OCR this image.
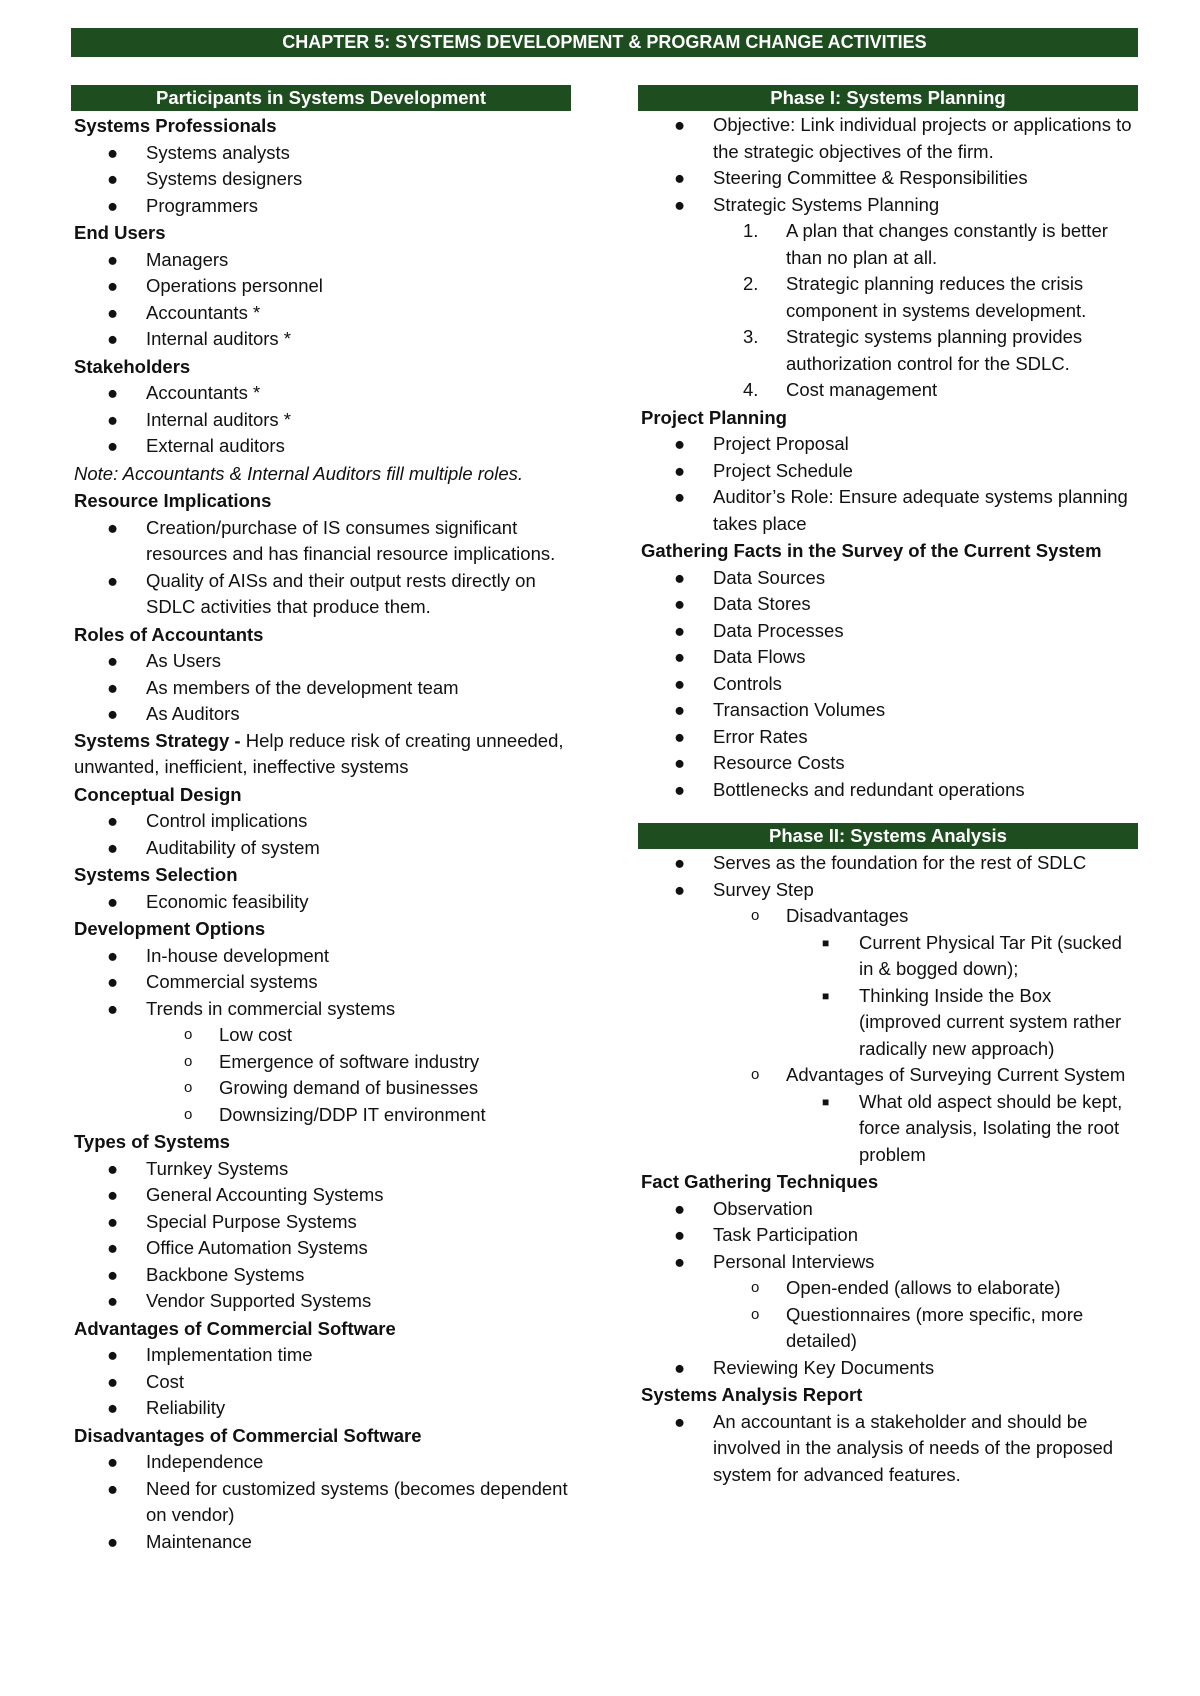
CHAPTER 5: SYSTEMS DEVELOPMENT & PROGRAM CHANGE ACTIVITIES
Participants in Systems Development
Systems Professionals
● Systems analysts
● Systems designers
● Programmers
End Users
● Managers
● Operations personnel
● Accountants *
● Internal auditors *
Stakeholders
● Accountants *
● Internal auditors *
● External auditors
Note: Accountants & Internal Auditors fill multiple roles.
Resource Implications
● Creation/purchase of IS consumes significant resources and has financial resource implications.
● Quality of AISs and their output rests directly on SDLC activities that produce them.
Roles of Accountants
● As Users
● As members of the development team
● As Auditors
Systems Strategy - Help reduce risk of creating unneeded, unwanted, inefficient, ineffective systems
Conceptual Design
● Control implications
● Auditability of system
Systems Selection
● Economic feasibility
Development Options
● In-house development
● Commercial systems
● Trends in commercial systems
o Low cost
o Emergence of software industry
o Growing demand of businesses
o Downsizing/DDP IT environment
Types of Systems
● Turnkey Systems
● General Accounting Systems
● Special Purpose Systems
● Office Automation Systems
● Backbone Systems
● Vendor Supported Systems
Advantages of Commercial Software
● Implementation time
● Cost
● Reliability
Disadvantages of Commercial Software
● Independence
● Need for customized systems (becomes dependent on vendor)
● Maintenance
Phase I: Systems Planning
● Objective: Link individual projects or applications to the strategic objectives of the firm.
● Steering Committee & Responsibilities
● Strategic Systems Planning
1. A plan that changes constantly is better than no plan at all.
2. Strategic planning reduces the crisis component in systems development.
3. Strategic systems planning provides authorization control for the SDLC.
4. Cost management
Project Planning
● Project Proposal
● Project Schedule
● Auditor’s Role: Ensure adequate systems planning takes place
Gathering Facts in the Survey of the Current System
● Data Sources
● Data Stores
● Data Processes
● Data Flows
● Controls
● Transaction Volumes
● Error Rates
● Resource Costs
● Bottlenecks and redundant operations
Phase II: Systems Analysis
● Serves as the foundation for the rest of SDLC
● Survey Step
o Disadvantages
■ Current Physical Tar Pit (sucked in & bogged down);
■ Thinking Inside the Box (improved current system rather radically new approach)
o Advantages of Surveying Current System
■ What old aspect should be kept, force analysis, Isolating the root problem
Fact Gathering Techniques
● Observation
● Task Participation
● Personal Interviews
o Open-ended (allows to elaborate)
o Questionnaires (more specific, more detailed)
● Reviewing Key Documents
Systems Analysis Report
● An accountant is a stakeholder and should be involved in the analysis of needs of the proposed system for advanced features.
